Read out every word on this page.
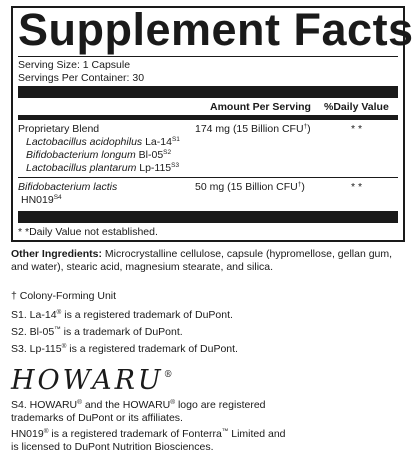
Supplement Facts
Serving Size: 1 Capsule
Servings Per Container: 30
Amount Per Serving %Daily Value
Proprietary Blend	174 mg (15 Billion CFU†)	* *
Lactobacillus acidophilus $La-14^{S1}$
Bifidobacterium longum $Bl-05^{S2}$
Lactobacillus plantarum $Lp-115^{S3}$
Bifidobacterium lactis
$HN019^{S4}$
50 mg (15 Billion CFU†)	* *
* *Daily Value not established.
Other Ingredients: Microcrystalline cellulose, capsule (hypromellose, gellan gum, and water), stearic acid, magnesium stearate, and silica.
† Colony-Forming Unit
S1. La-14® is a registered trademark of DuPont.
S2. Bl-05™ is a trademark of DuPont.
S3. Lp-115® is a registered trademark of DuPont.
HOWARU®
S4. HOWARU® and the HOWARU® logo are registered
trademarks of DuPont or its affiliates.
HN019® is a registered trademark of Fonterra™ Limited and
is licensed to DuPont Nutrition Biosciences.
